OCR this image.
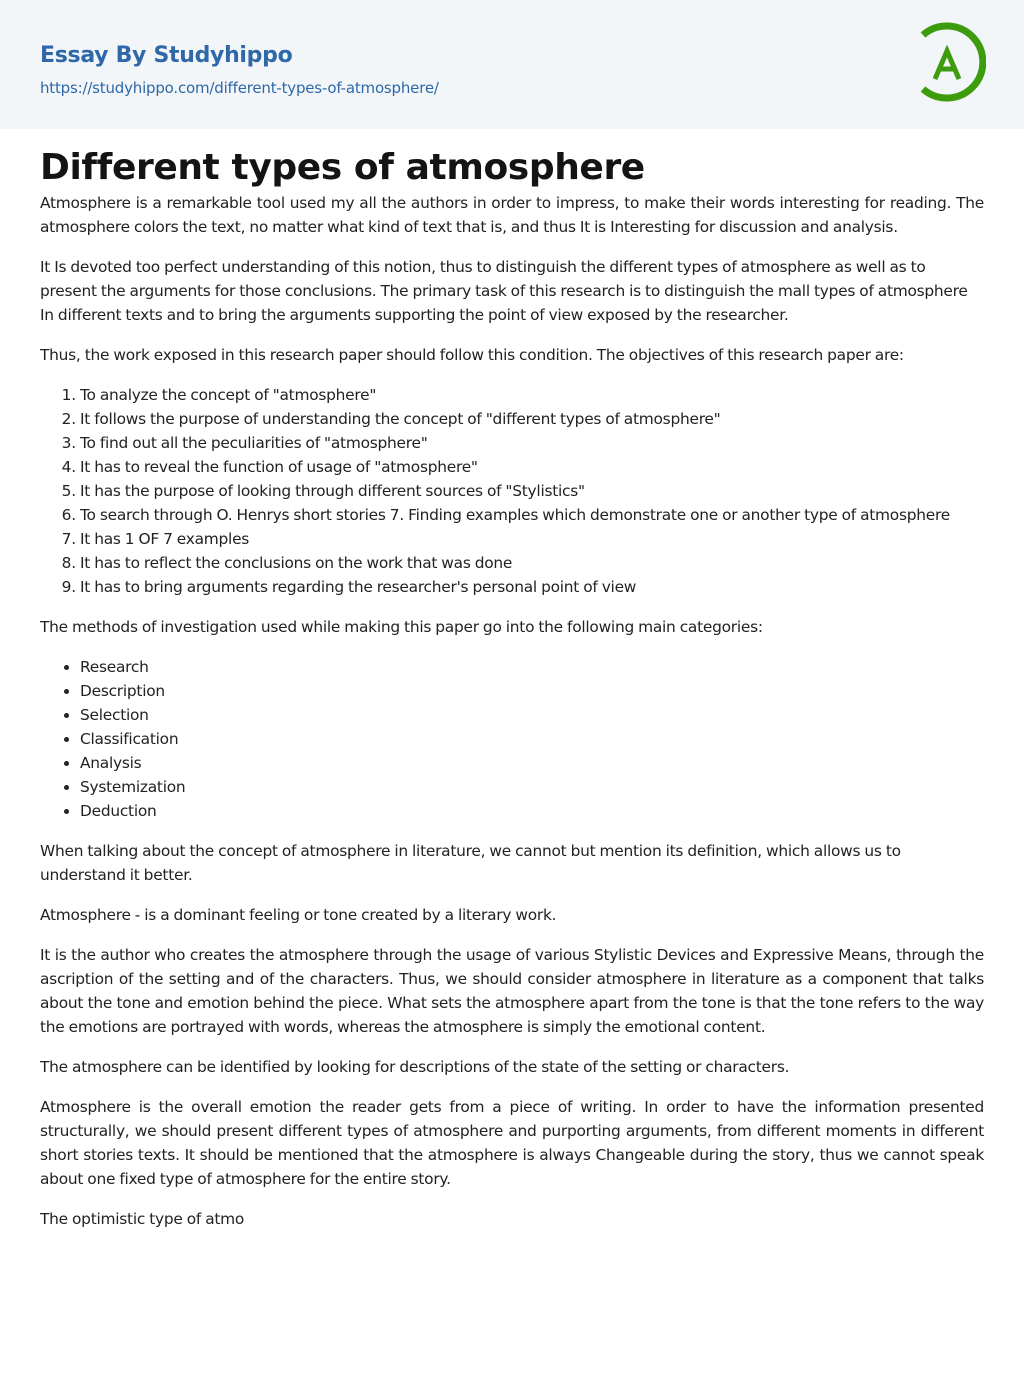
Essay By Studyhippo
https://studyhippo.com/different-types-of-atmosphere/
Different types of atmosphere

Atmosphere is a remarkable tool used my all the authors in order to impress, to make their words interesting for reading. The atmosphere colors the text, no matter what kind of text that is, and thus It is Interesting for discussion and analysis.

It Is devoted too perfect understanding of this notion, thus to distinguish the different types of atmosphere as well as to present the arguments for those conclusions. The primary task of this research is to distinguish the mall types of atmosphere In different texts and to bring the arguments supporting the point of view exposed by the researcher.

Thus, the work exposed in this research paper should follow this condition. The objectives of this research paper are:

1. To analyze the concept of "atmosphere"
2. It follows the purpose of understanding the concept of "different types of atmosphere"
3. To find out all the peculiarities of "atmosphere"
4. It has to reveal the function of usage of "atmosphere"
5. It has the purpose of looking through different sources of "Stylistics"
6. To search through O. Henrys short stories 7. Finding examples which demonstrate one or another type of atmosphere
7. It has 1 OF 7 examples
8. It has to reflect the conclusions on the work that was done
9. It has to bring arguments regarding the researcher's personal point of view

The methods of investigation used while making this paper go into the following main categories:

• Research
• Description
• Selection
• Classification
• Analysis
• Systemization
• Deduction

When talking about the concept of atmosphere in literature, we cannot but mention its definition, which allows us to understand it better.

Atmosphere - is a dominant feeling or tone created by a literary work.

It is the author who creates the atmosphere through the usage of various Stylistic Devices and Expressive Means, through the ascription of the setting and of the characters. Thus, we should consider atmosphere in literature as a component that talks about the tone and emotion behind the piece. What sets the atmosphere apart from the tone is that the tone refers to the way the emotions are portrayed with words, whereas the atmosphere is simply the emotional content.

The atmosphere can be identified by looking for descriptions of the state of the setting or characters.

Atmosphere is the overall emotion the reader gets from a piece of writing. In order to have the information presented structurally, we should present different types of atmosphere and purporting arguments, from different moments in different short stories texts. It should be mentioned that the atmosphere is always Changeable during the story, thus we cannot speak about one fixed type of atmosphere for the entire story.

The optimistic type of atmo
